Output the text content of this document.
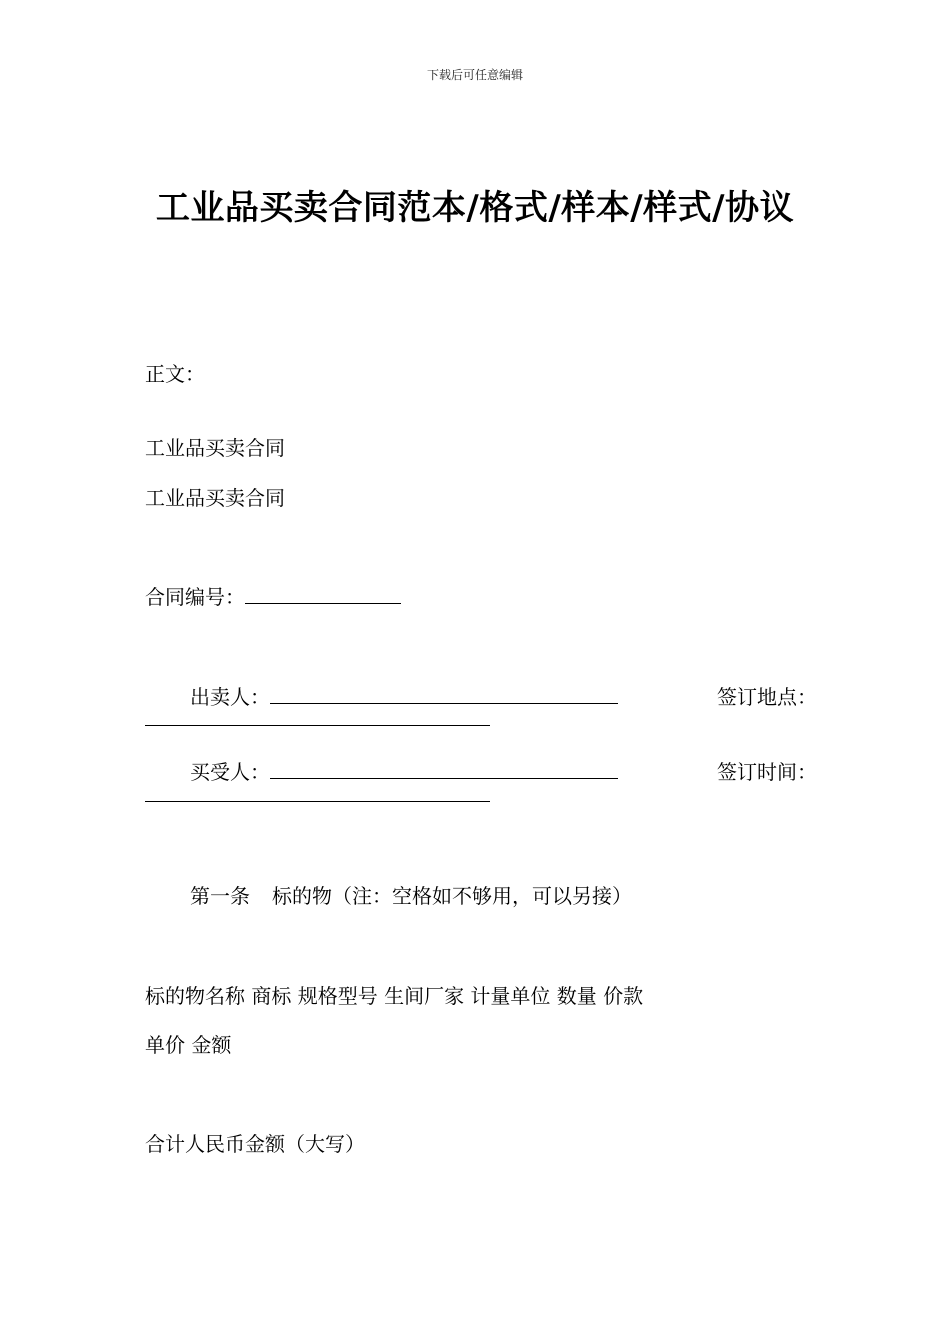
下载后可任意编辑
工业品买卖合同范本/格式/样本/样式/协议
正文：
工业品买卖合同
工业品买卖合同
合同编号：
出卖人：	签订地点：
买受人：	签订时间：
第一条 标的物（注：空格如不够用，可以另接）
标的物名称 商标 规格型号 生间厂家 计量单位 数量 价款
单价 金额
合计人民币金额（大写）
